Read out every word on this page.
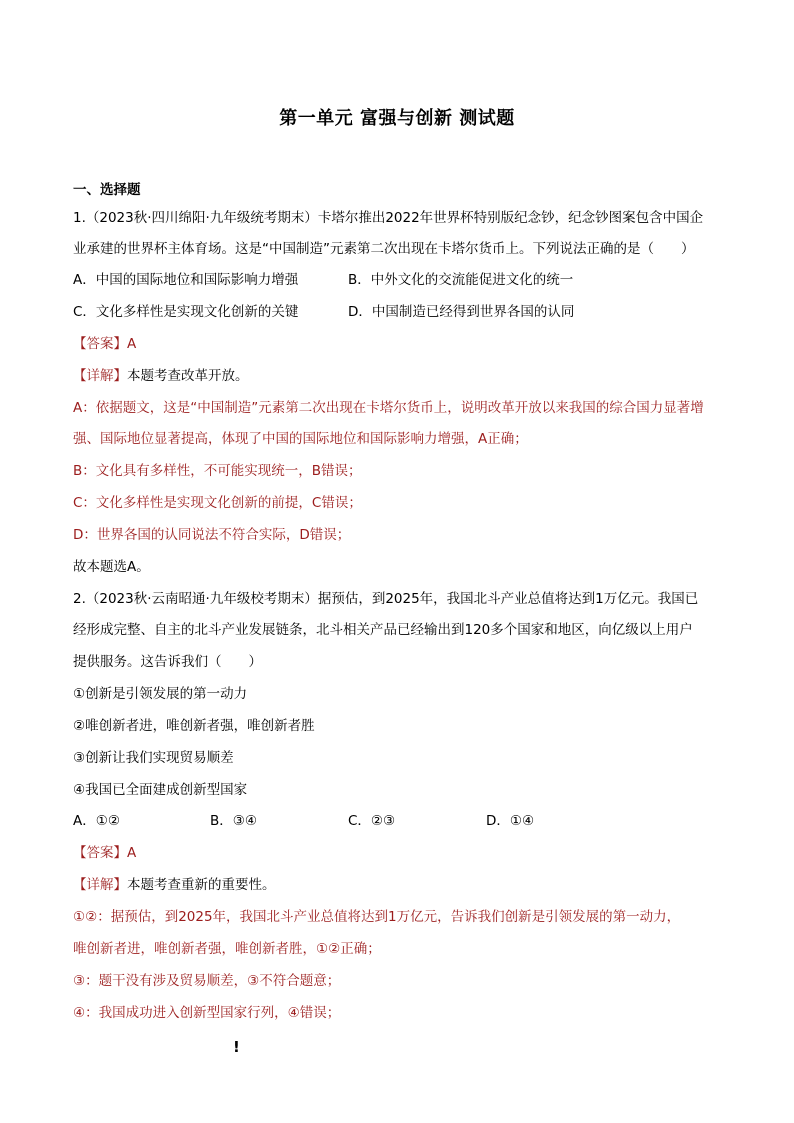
第一单元 富强与创新 测试题
一、选择题
1.（2023秋·四川绵阳·九年级统考期末）卡塔尔推出2022年世界杯特别版纪念钞，纪念钞图案包含中国企
业承建的世界杯主体育场。这是“中国制造”元素第二次出现在卡塔尔货币上。下列说法正确的是（　　）
A．中国的国际地位和国际影响力增强	B．中外文化的交流能促进文化的统一
C．文化多样性是实现文化创新的关键	D．中国制造已经得到世界各国的认同
【答案】A
【详解】本题考查改革开放。
A：依据题文，这是“中国制造”元素第二次出现在卡塔尔货币上，说明改革开放以来我国的综合国力显著增
强、国际地位显著提高，体现了中国的国际地位和国际影响力增强，A正确；
B：文化具有多样性，不可能实现统一，B错误；
C：文化多样性是实现文化创新的前提，C错误；
D：世界各国的认同说法不符合实际，D错误；
故本题选A。
2.（2023秋·云南昭通·九年级校考期末）据预估，到2025年，我国北斗产业总值将达到1万亿元。我国已
经形成完整、自主的北斗产业发展链条，北斗相关产品已经输出到120多个国家和地区，向亿级以上用户
提供服务。这告诉我们（　　）
①创新是引领发展的第一动力
②唯创新者进，唯创新者强，唯创新者胜
③创新让我们实现贸易顺差
④我国已全面建成创新型国家
A．①②	B．③④	C．②③	D．①④
【答案】A
【详解】本题考查重新的重要性。
①②：据预估，到2025年，我国北斗产业总值将达到1万亿元，告诉我们创新是引领发展的第一动力，
唯创新者进，唯创新者强，唯创新者胜，①②正确；
③：题干没有涉及贸易顺差，③不符合题意；
④：我国成功进入创新型国家行列，④错误；
!
